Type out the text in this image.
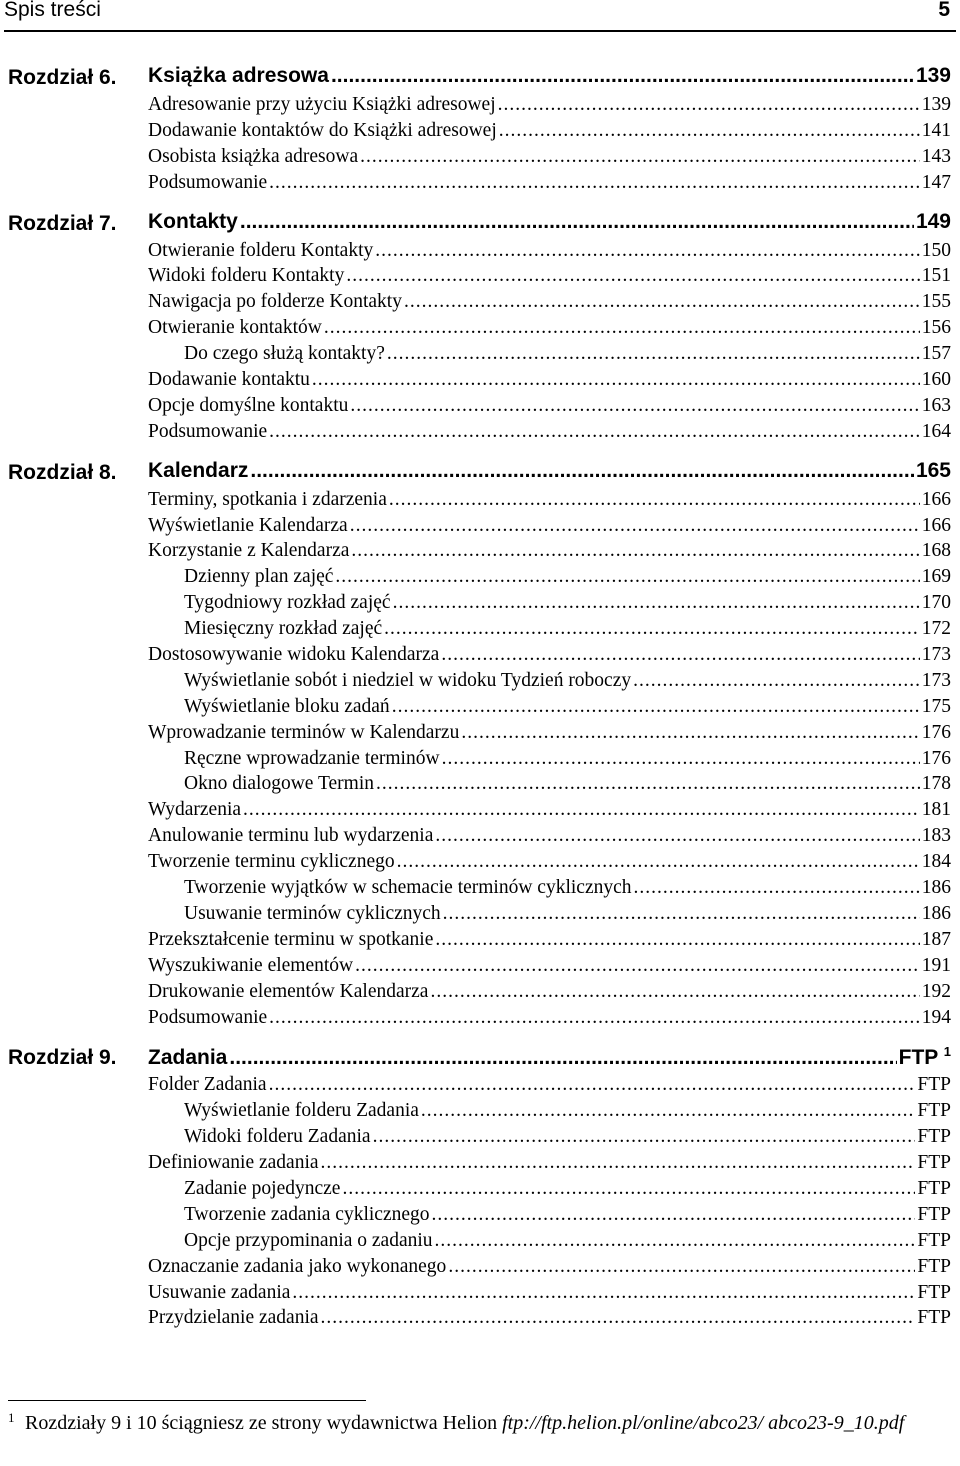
Spis treści	5
Rozdział 6. Książka adresowa .....	139
Adresowanie przy użyciu Książki adresowej .....	139
Dodawanie kontaktów do Książki adresowej .....	141
Osobista książka adresowa .....	143
Podsumowanie .....	147
Rozdział 7. Kontakty .....	149
Otwieranie folderu Kontakty .....	150
Widoki folderu Kontakty .....	151
Nawigacja po folderze Kontakty .....	155
Otwieranie kontaktów .....	156
Do czego służą kontakty? .....	157
Dodawanie kontaktu .....	160
Opcje domyślne kontaktu .....	163
Podsumowanie .....	164
Rozdział 8. Kalendarz .....	165
Terminy, spotkania i zdarzenia .....	166
Wyświetlanie Kalendarza .....	166
Korzystanie z Kalendarza .....	168
Dzienny plan zajęć .....	169
Tygodniowy rozkład zajęć .....	170
Miesięczny rozkład zajęć .....	172
Dostosowywanie widoku Kalendarza .....	173
Wyświetlanie sobót i niedziel w widoku Tydzień roboczy .....	173
Wyświetlanie bloku zadań .....	175
Wprowadzanie terminów w Kalendarzu .....	176
Ręczne wprowadzanie terminów .....	176
Okno dialogowe Termin .....	178
Wydarzenia .....	181
Anulowanie terminu lub wydarzenia .....	183
Tworzenie terminu cyklicznego .....	184
Tworzenie wyjątków w schemacie terminów cyklicznych .....	186
Usuwanie terminów cyklicznych .....	186
Przekształcenie terminu w spotkanie .....	187
Wyszukiwanie elementów .....	191
Drukowanie elementów Kalendarza .....	192
Podsumowanie .....	194
Rozdział 9. Zadania .....	FTP $^1$
Folder Zadania .....	FTP
Wyświetlanie folderu Zadania .....	FTP
Widoki folderu Zadania .....	FTP
Definiowanie zadania .....	FTP
Zadanie pojedyncze .....	FTP
Tworzenie zadania cyklicznego .....	FTP
Opcje przypominania o zadaniu .....	FTP
Oznaczanie zadania jako wykonanego .....	FTP
Usuwanie zadania .....	FTP
Przydzielanie zadania .....	FTP
1 Rozdziały 9 i 10 ściągniesz ze strony wydawnictwa Helion ftp://ftp.helion.pl/online/abco23/ abco23-9_10.pdf
